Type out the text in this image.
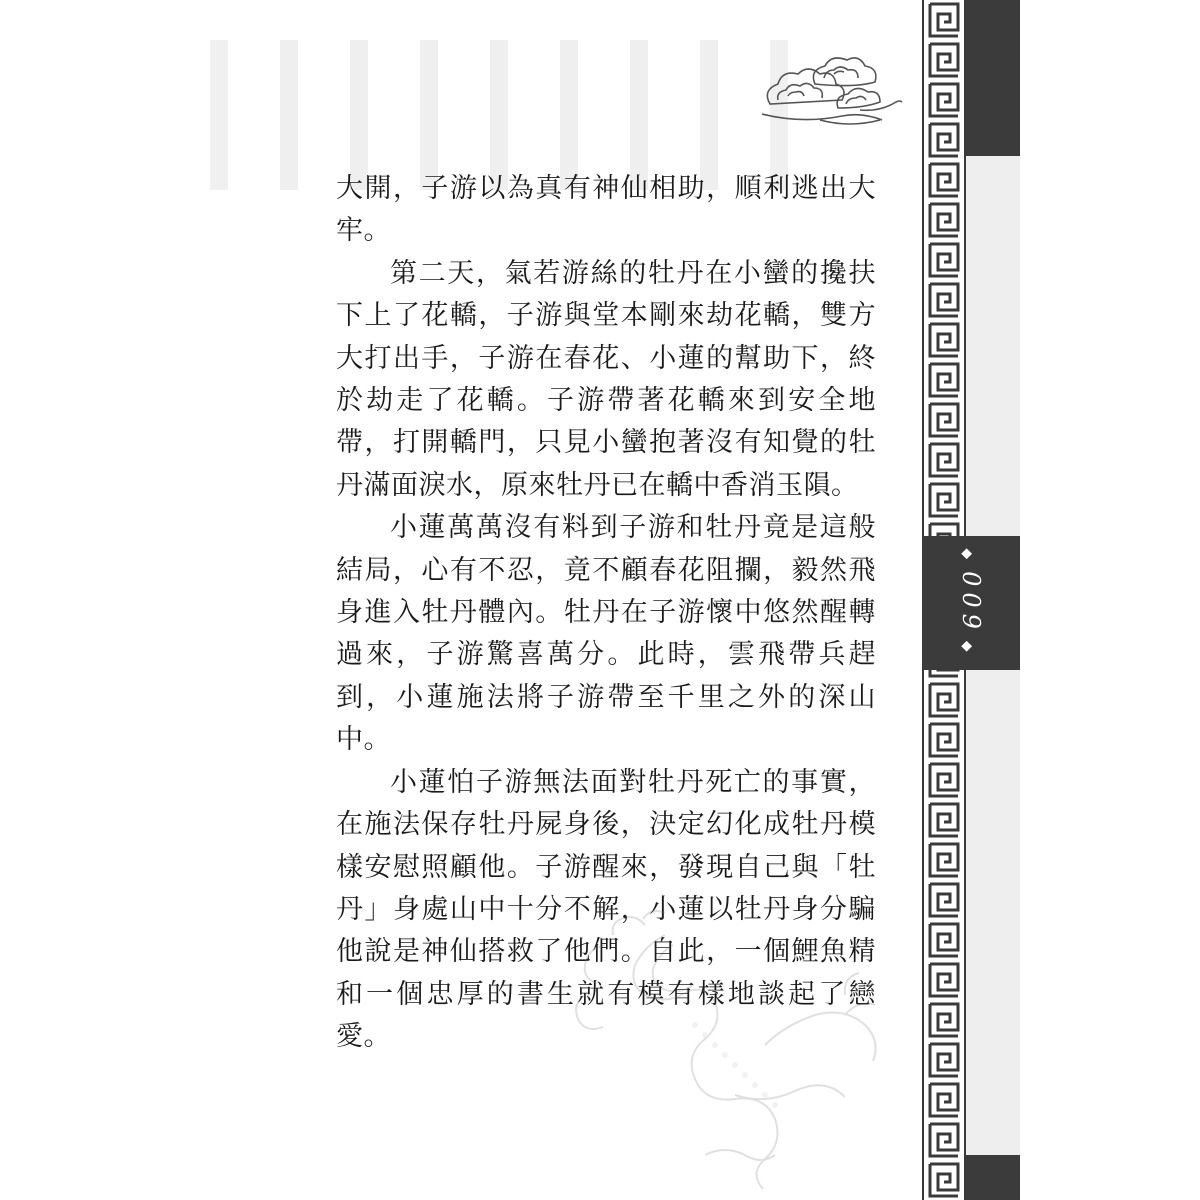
大開，子游以為真有神仙相助，順利逃出大牢。

第二天，氣若游絲的牡丹在小蠻的攙扶下上了花轎，子游與堂本剛來劫花轎，雙方大打出手，子游在春花、小蓮的幫助下，終於劫走了花轎。子游帶著花轎來到安全地帶，打開轎門，只見小蠻抱著沒有知覺的牡丹滿面淚水，原來牡丹已在轎中香消玉隕。

小蓮萬萬沒有料到子游和牡丹竟是這般結局，心有不忍，竟不顧春花阻攔，毅然飛身進入牡丹體內。牡丹在子游懷中悠然醒轉過來，子游驚喜萬分。此時，雲飛帶兵趕到，小蓮施法將子游帶至千里之外的深山中。

小蓮怕子游無法面對牡丹死亡的事實，在施法保存牡丹屍身後，決定幻化成牡丹模樣安慰照顧他。子游醒來，發現自己與「牡丹」身處山中十分不解，小蓮以牡丹身分騙他說是神仙搭救了他們。自此，一個鯉魚精和一個忠厚的書生就有模有樣地談起了戀愛。

◆009◆
